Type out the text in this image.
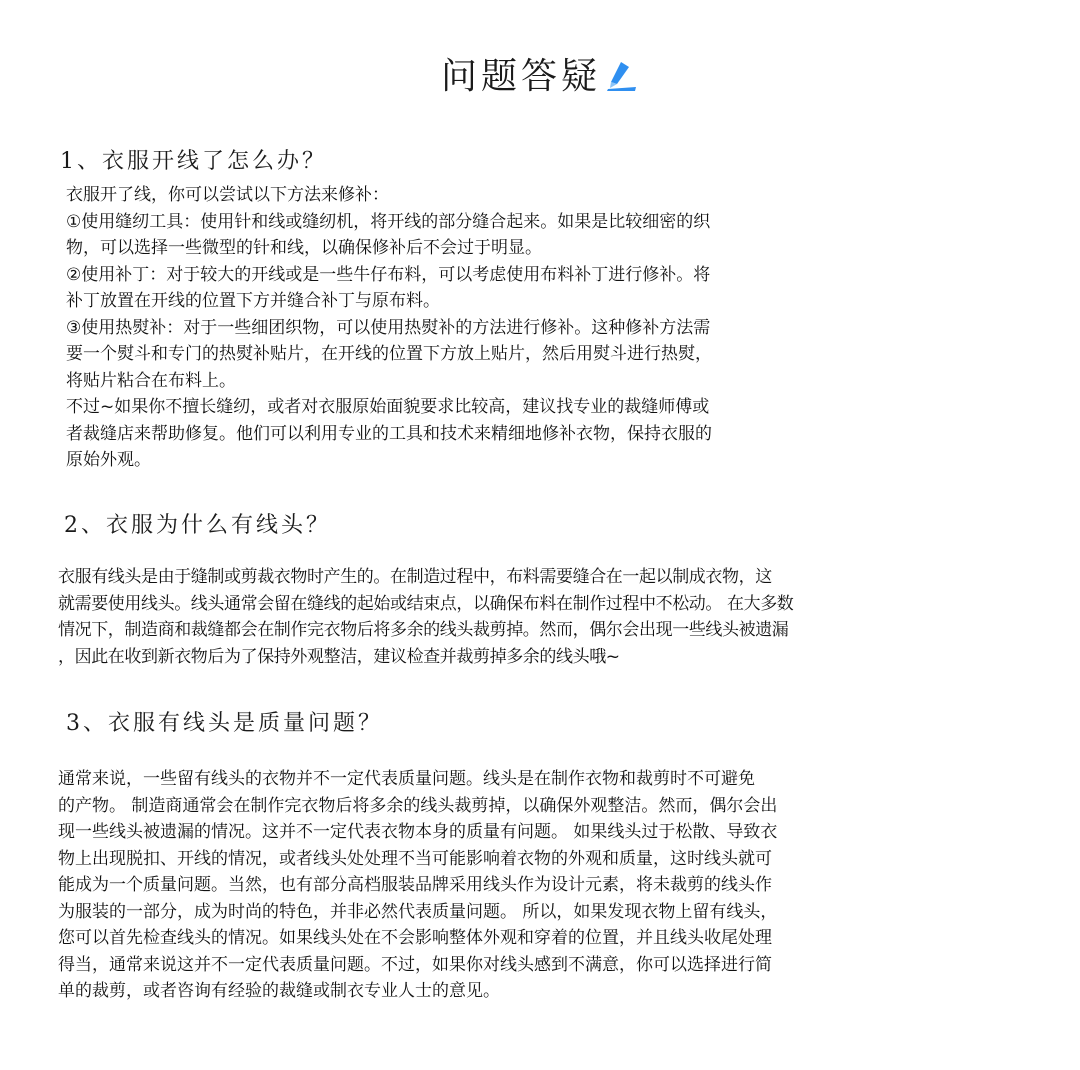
问题答疑
1、衣服开线了怎么办？
衣服开了线，你可以尝试以下方法来修补：
①使用缝纫工具：使用针和线或缝纫机，将开线的部分缝合起来。如果是比较细密的织
物，可以选择一些微型的针和线，以确保修补后不会过于明显。
②使用补丁：对于较大的开线或是一些牛仔布料，可以考虑使用布料补丁进行修补。将
补丁放置在开线的位置下方并缝合补丁与原布料。
③使用热熨补：对于一些细团织物，可以使用热熨补的方法进行修补。这种修补方法需
要一个熨斗和专门的热熨补贴片，在开线的位置下方放上贴片，然后用熨斗进行热熨，
将贴片粘合在布料上。
不过~如果你不擅长缝纫，或者对衣服原始面貌要求比较高，建议找专业的裁缝师傅或
者裁缝店来帮助修复。他们可以利用专业的工具和技术来精细地修补衣物，保持衣服的
原始外观。
2、衣服为什么有线头？
衣服有线头是由于缝制或剪裁衣物时产生的。在制造过程中，布料需要缝合在一起以制成衣物，这
就需要使用线头。线头通常会留在缝线的起始或结束点，以确保布料在制作过程中不松动。 在大多数
情况下，制造商和裁缝都会在制作完衣物后将多余的线头裁剪掉。然而，偶尔会出现一些线头被遗漏
，因此在收到新衣物后为了保持外观整洁，建议检查并裁剪掉多余的线头哦~
3、衣服有线头是质量问题？
通常来说，一些留有线头的衣物并不一定代表质量问题。线头是在制作衣物和裁剪时不可避免
的产物。 制造商通常会在制作完衣物后将多余的线头裁剪掉，以确保外观整洁。然而，偶尔会出
现一些线头被遗漏的情况。这并不一定代表衣物本身的质量有问题。 如果线头过于松散、导致衣
物上出现脱扣、开线的情况，或者线头处处理不当可能影响着衣物的外观和质量，这时线头就可
能成为一个质量问题。当然，也有部分高档服装品牌采用线头作为设计元素，将未裁剪的线头作
为服装的一部分，成为时尚的特色，并非必然代表质量问题。 所以，如果发现衣物上留有线头，
您可以首先检查线头的情况。如果线头处在不会影响整体外观和穿着的位置，并且线头收尾处理
得当，通常来说这并不一定代表质量问题。不过，如果你对线头感到不满意，你可以选择进行简
单的裁剪，或者咨询有经验的裁缝或制衣专业人士的意见。
